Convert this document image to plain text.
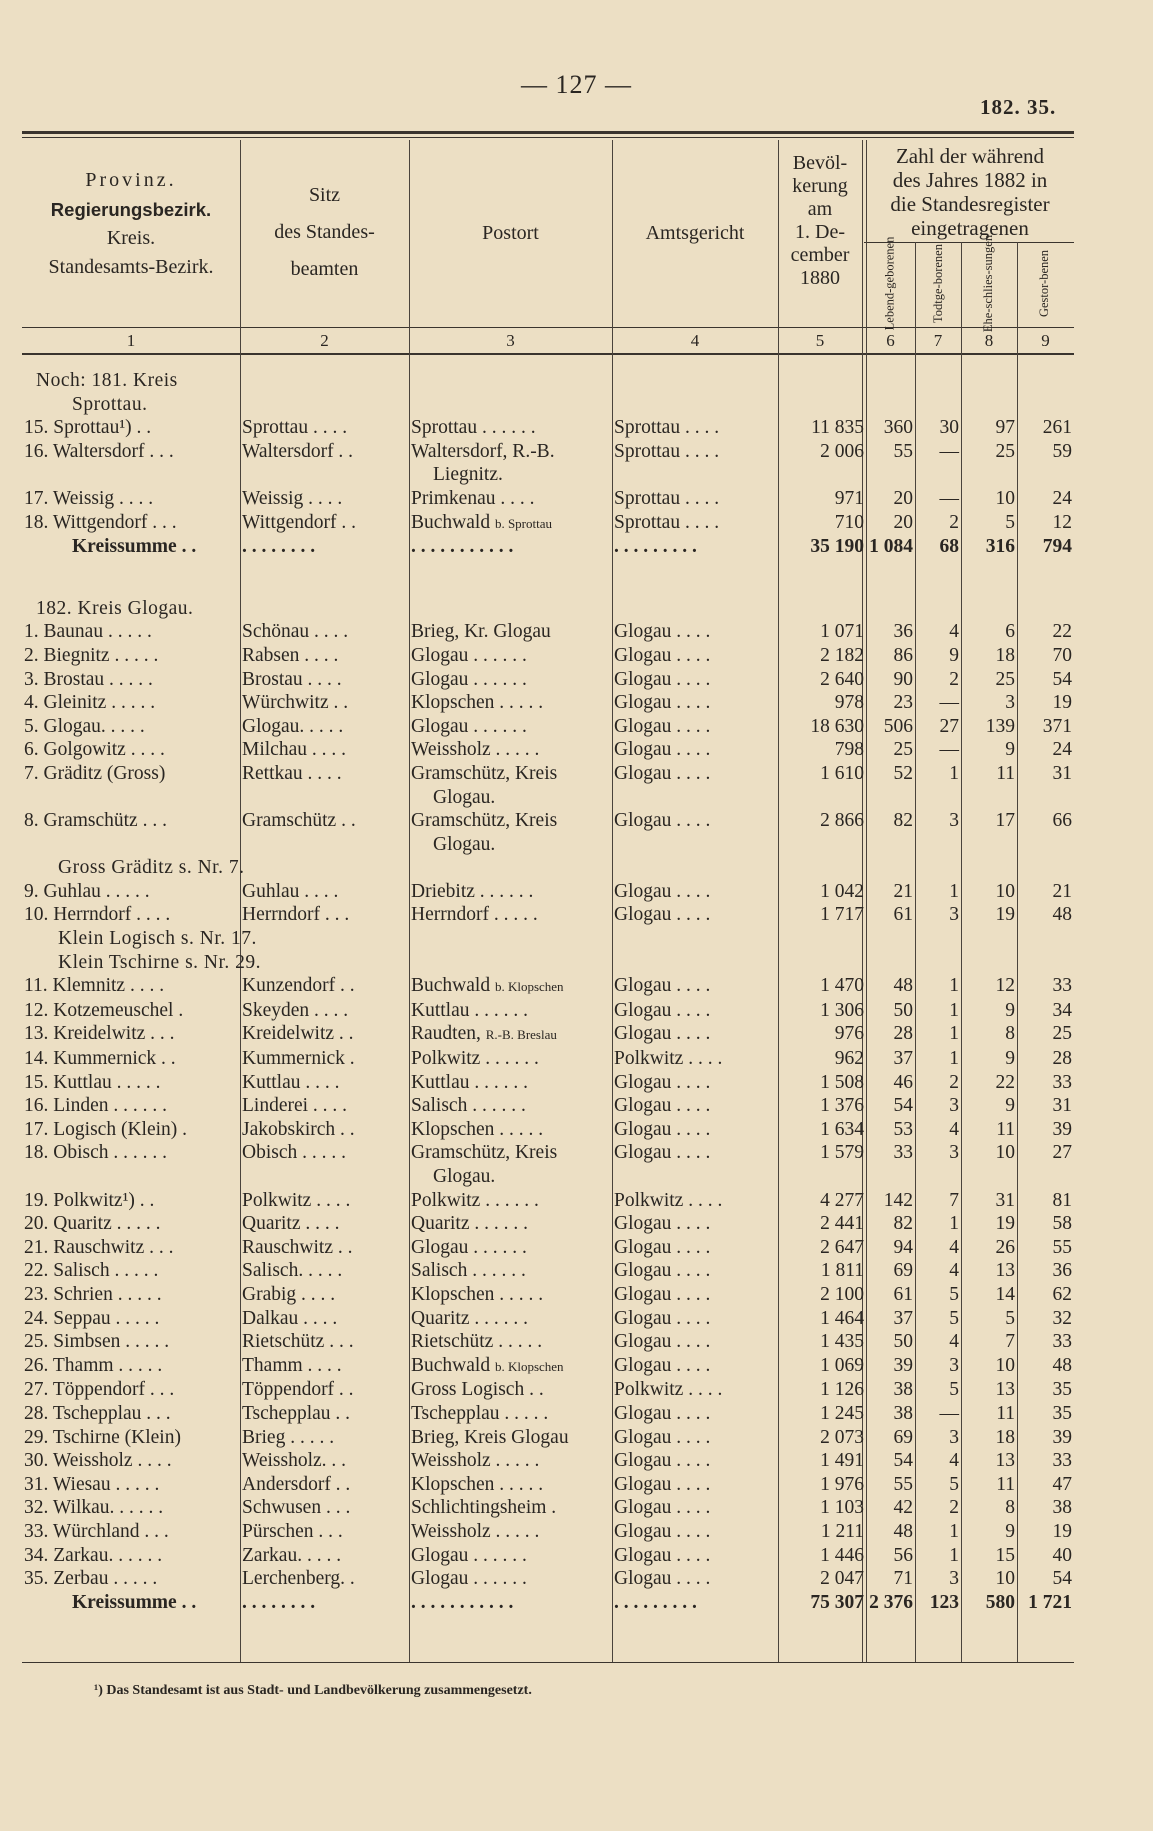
— 127 —
182. 35.
Provinz.
Regierungsbezirk.
Kreis.
Standesamts-Bezirk.
Sitz
des Standes-
beamten
Postort	Amtsgericht
Bevöl-
kerung
am
1. De-
cember
1880
Zahl der während
des Jahres 1882 in
die Standesregister
eingetragenen
Lebend-geborenen	Todtge-borenen	Ehe-schlies-sungen	Gestor-benen
1	2	3	4	5	6	7	8	9
Noch: 181. Kreis								
Sprottau.								
15. Sprottau¹) . .	Sprottau . . . .	Sprottau . . . . . .	Sprottau . . . .	11 835	360	30	97	261
16. Waltersdorf . . .	Waltersdorf . .	Waltersdorf, R.-B.	Sprottau . . . .	2 006	55	—	25	59
		Liegnitz.						
17. Weissig . . . .	Weissig . . . .	Primkenau . . . .	Sprottau . . . .	971	20	—	10	24
18. Wittgendorf . . .	Wittgendorf . .	Buchwald b. Sprottau	Sprottau . . . .	710	20	2	5	12
Kreissumme . .	. . . . . . . .	. . . . . . . . . . .	. . . . . . . . .	35 190	1 084	68	316	794

182. Kreis Glogau.								
1. Baunau . . . . .	Schönau . . . .	Brieg, Kr. Glogau	Glogau . . . .	1 071	36	4	6	22
2. Biegnitz . . . . .	Rabsen . . . .	Glogau . . . . . .	Glogau . . . .	2 182	86	9	18	70
3. Brostau . . . . .	Brostau . . . .	Glogau . . . . . .	Glogau . . . .	2 640	90	2	25	54
4. Gleinitz . . . . .	Würchwitz . .	Klopschen . . . . .	Glogau . . . .	978	23	—	3	19
5. Glogau. . . . .	Glogau. . . . .	Glogau . . . . . .	Glogau . . . .	18 630	506	27	139	371
6. Golgowitz . . . .	Milchau . . . .	Weissholz . . . . .	Glogau . . . .	798	25	—	9	24
7. Gräditz (Gross)	Rettkau . . . .	Gramschütz, Kreis	Glogau . . . .	1 610	52	1	11	31
		Glogau.						
8. Gramschütz . . .	Gramschütz . .	Gramschütz, Kreis	Glogau . . . .	2 866	82	3	17	66
		Glogau.						
Gross Gräditz s. Nr. 7.								
9. Guhlau . . . . .	Guhlau . . . .	Driebitz . . . . . .	Glogau . . . .	1 042	21	1	10	21
10. Herrndorf . . . .	Herrndorf . . .	Herrndorf . . . . .	Glogau . . . .	1 717	61	3	19	48
Klein Logisch s. Nr. 17.								
Klein Tschirne s. Nr. 29.								
11. Klemnitz . . . .	Kunzendorf . .	Buchwald b. Klopschen	Glogau . . . .	1 470	48	1	12	33
12. Kotzemeuschel .	Skeyden . . . .	Kuttlau . . . . . .	Glogau . . . .	1 306	50	1	9	34
13. Kreidelwitz . . .	Kreidelwitz . .	Raudten, R.-B. Breslau	Glogau . . . .	976	28	1	8	25
14. Kummernick . .	Kummernick .	Polkwitz . . . . . .	Polkwitz . . . .	962	37	1	9	28
15. Kuttlau . . . . .	Kuttlau . . . .	Kuttlau . . . . . .	Glogau . . . .	1 508	46	2	22	33
16. Linden . . . . . .	Linderei . . . .	Salisch . . . . . .	Glogau . . . .	1 376	54	3	9	31
17. Logisch (Klein) .	Jakobskirch . .	Klopschen . . . . .	Glogau . . . .	1 634	53	4	11	39
18. Obisch . . . . . .	Obisch . . . . .	Gramschütz, Kreis	Glogau . . . .	1 579	33	3	10	27
		Glogau.						
19. Polkwitz¹) . .	Polkwitz . . . .	Polkwitz . . . . . .	Polkwitz . . . .	4 277	142	7	31	81
20. Quaritz . . . . .	Quaritz . . . .	Quaritz . . . . . .	Glogau . . . .	2 441	82	1	19	58
21. Rauschwitz . . .	Rauschwitz . .	Glogau . . . . . .	Glogau . . . .	2 647	94	4	26	55
22. Salisch . . . . .	Salisch. . . . .	Salisch . . . . . .	Glogau . . . .	1 811	69	4	13	36
23. Schrien . . . . .	Grabig . . . .	Klopschen . . . . .	Glogau . . . .	2 100	61	5	14	62
24. Seppau . . . . .	Dalkau . . . .	Quaritz . . . . . .	Glogau . . . .	1 464	37	5	5	32
25. Simbsen . . . . .	Rietschütz . . .	Rietschütz . . . . .	Glogau . . . .	1 435	50	4	7	33
26. Thamm . . . . .	Thamm . . . .	Buchwald b. Klopschen	Glogau . . . .	1 069	39	3	10	48
27. Töppendorf . . .	Töppendorf . .	Gross Logisch . .	Polkwitz . . . .	1 126	38	5	13	35
28. Tschepplau . . .	Tschepplau . .	Tschepplau . . . . .	Glogau . . . .	1 245	38	—	11	35
29. Tschirne (Klein)	Brieg . . . . .	Brieg, Kreis Glogau	Glogau . . . .	2 073	69	3	18	39
30. Weissholz . . . .	Weissholz. . .	Weissholz . . . . .	Glogau . . . .	1 491	54	4	13	33
31. Wiesau . . . . .	Andersdorf . .	Klopschen . . . . .	Glogau . . . .	1 976	55	5	11	47
32. Wilkau. . . . . .	Schwusen . . .	Schlichtingsheim .	Glogau . . . .	1 103	42	2	8	38
33. Würchland . . .	Pürschen . . .	Weissholz . . . . .	Glogau . . . .	1 211	48	1	9	19
34. Zarkau. . . . . .	Zarkau. . . . .	Glogau . . . . . .	Glogau . . . .	1 446	56	1	15	40
35. Zerbau . . . . .	Lerchenberg. .	Glogau . . . . . .	Glogau . . . .	2 047	71	3	10	54
Kreissumme . .	. . . . . . . .	. . . . . . . . . . .	. . . . . . . . .	75 307	2 376	123	580	1 721
¹) Das Standesamt ist aus Stadt- und Landbevölkerung zusammengesetzt.
